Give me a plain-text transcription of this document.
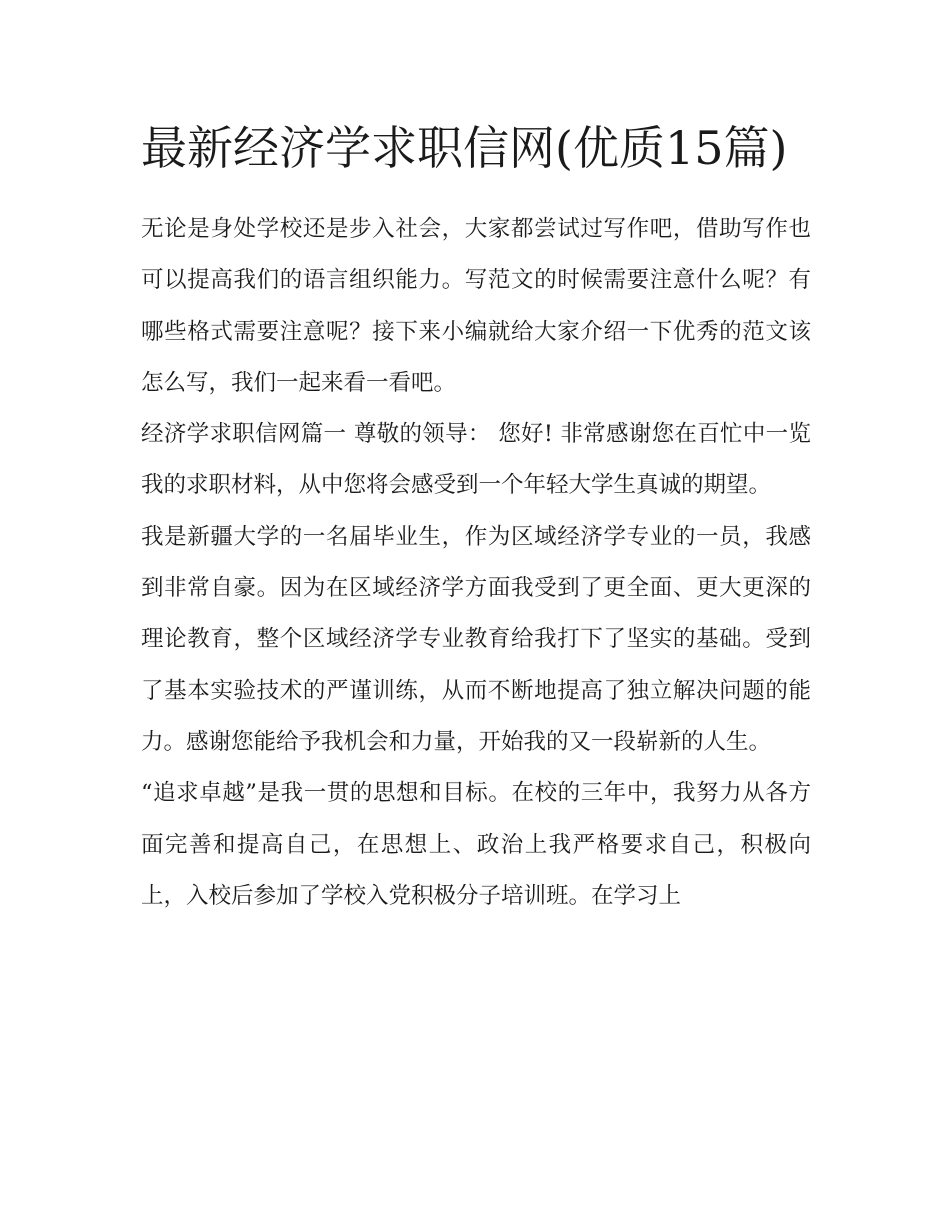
最新经济学求职信网(优质15篇)

无论是身处学校还是步入社会，大家都尝试过写作吧，借助写作也可以提高我们的语言组织能力。写范文的时候需要注意什么呢？有哪些格式需要注意呢？接下来小编就给大家介绍一下优秀的范文该怎么写，我们一起来看一看吧。

经济学求职信网篇一 尊敬的领导： 您好! 非常感谢您在百忙中一览我的求职材料，从中您将会感受到一个年轻大学生真诚的期望。

我是新疆大学的一名届毕业生，作为区域经济学专业的一员，我感到非常自豪。因为在区域经济学方面我受到了更全面、更大更深的理论教育，整个区域经济学专业教育给我打下了坚实的基础。受到了基本实验技术的严谨训练，从而不断地提高了独立解决问题的能力。感谢您能给予我机会和力量，开始我的又一段崭新的人生。

“追求卓越”是我一贯的思想和目标。在校的三年中，我努力从各方面完善和提高自己，在思想上、政治上我严格要求自己，积极向上，入校后参加了学校入党积极分子培训班。在学习上
